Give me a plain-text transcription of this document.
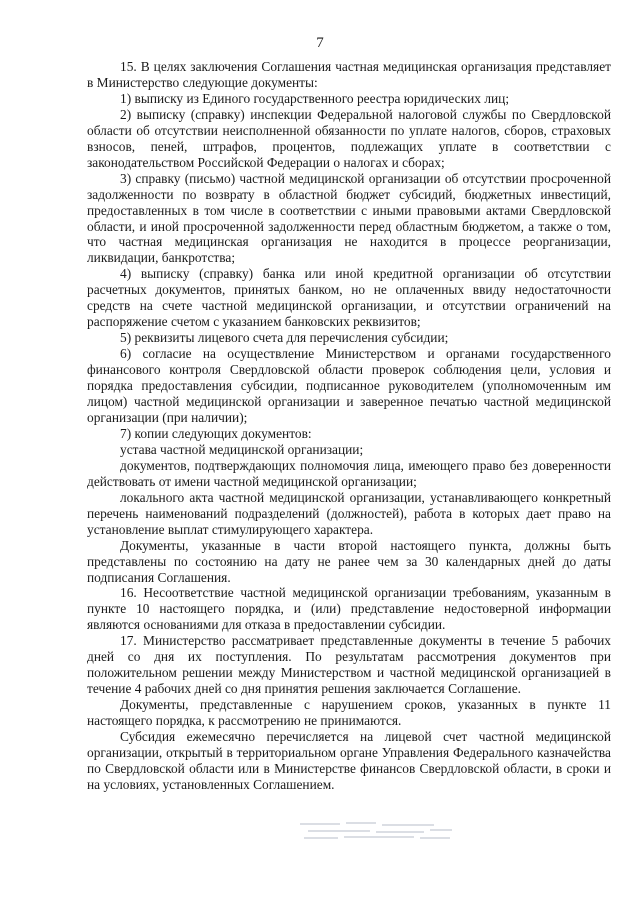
7

15. В целях заключения Соглашения частная медицинская организация представляет в Министерство следующие документы:

1) выписку из Единого государственного реестра юридических лиц;

2) выписку (справку) инспекции Федеральной налоговой службы по Свердловской области об отсутствии неисполненной обязанности по уплате налогов, сборов, страховых взносов, пеней, штрафов, процентов, подлежащих уплате в соответствии с законодательством Российской Федерации о налогах и сборах;

3) справку (письмо) частной медицинской организации об отсутствии просроченной задолженности по возврату в областной бюджет субсидий, бюджетных инвестиций, предоставленных в том числе в соответствии с иными правовыми актами Свердловской области, и иной просроченной задолженности перед областным бюджетом, а также о том, что частная медицинская организация не находится в процессе реорганизации, ликвидации, банкротства;

4) выписку (справку) банка или иной кредитной организации об отсутствии расчетных документов, принятых банком, но не оплаченных ввиду недостаточности средств на счете частной медицинской организации, и отсутствии ограничений на распоряжение счетом с указанием банковских реквизитов;

5) реквизиты лицевого счета для перечисления субсидии;

6) согласие на осуществление Министерством и органами государственного финансового контроля Свердловской области проверок соблюдения цели, условия и порядка предоставления субсидии, подписанное руководителем (уполномоченным им лицом) частной медицинской организации и заверенное печатью частной медицинской организации (при наличии);

7) копии следующих документов:

устава частной медицинской организации;

документов, подтверждающих полномочия лица, имеющего право без доверенности действовать от имени частной медицинской организации;

локального акта частной медицинской организации, устанавливающего конкретный перечень наименований подразделений (должностей), работа в которых дает право на установление выплат стимулирующего характера.

Документы, указанные в части второй настоящего пункта, должны быть представлены по состоянию на дату не ранее чем за 30 календарных дней до даты подписания Соглашения.

16. Несоответствие частной медицинской организации требованиям, указанным в пункте 10 настоящего порядка, и (или) представление недостоверной информации являются основаниями для отказа в предоставлении субсидии.

17. Министерство рассматривает представленные документы в течение 5 рабочих дней со дня их поступления. По результатам рассмотрения документов при положительном решении между Министерством и частной медицинской организацией в течение 4 рабочих дней со дня принятия решения заключается Соглашение.

Документы, представленные с нарушением сроков, указанных в пункте 11 настоящего порядка, к рассмотрению не принимаются.

Субсидия ежемесячно перечисляется на лицевой счет частной медицинской организации, открытый в территориальном органе Управления Федерального казначейства по Свердловской области или в Министерстве финансов Свердловской области, в сроки и на условиях, установленных Соглашением.
